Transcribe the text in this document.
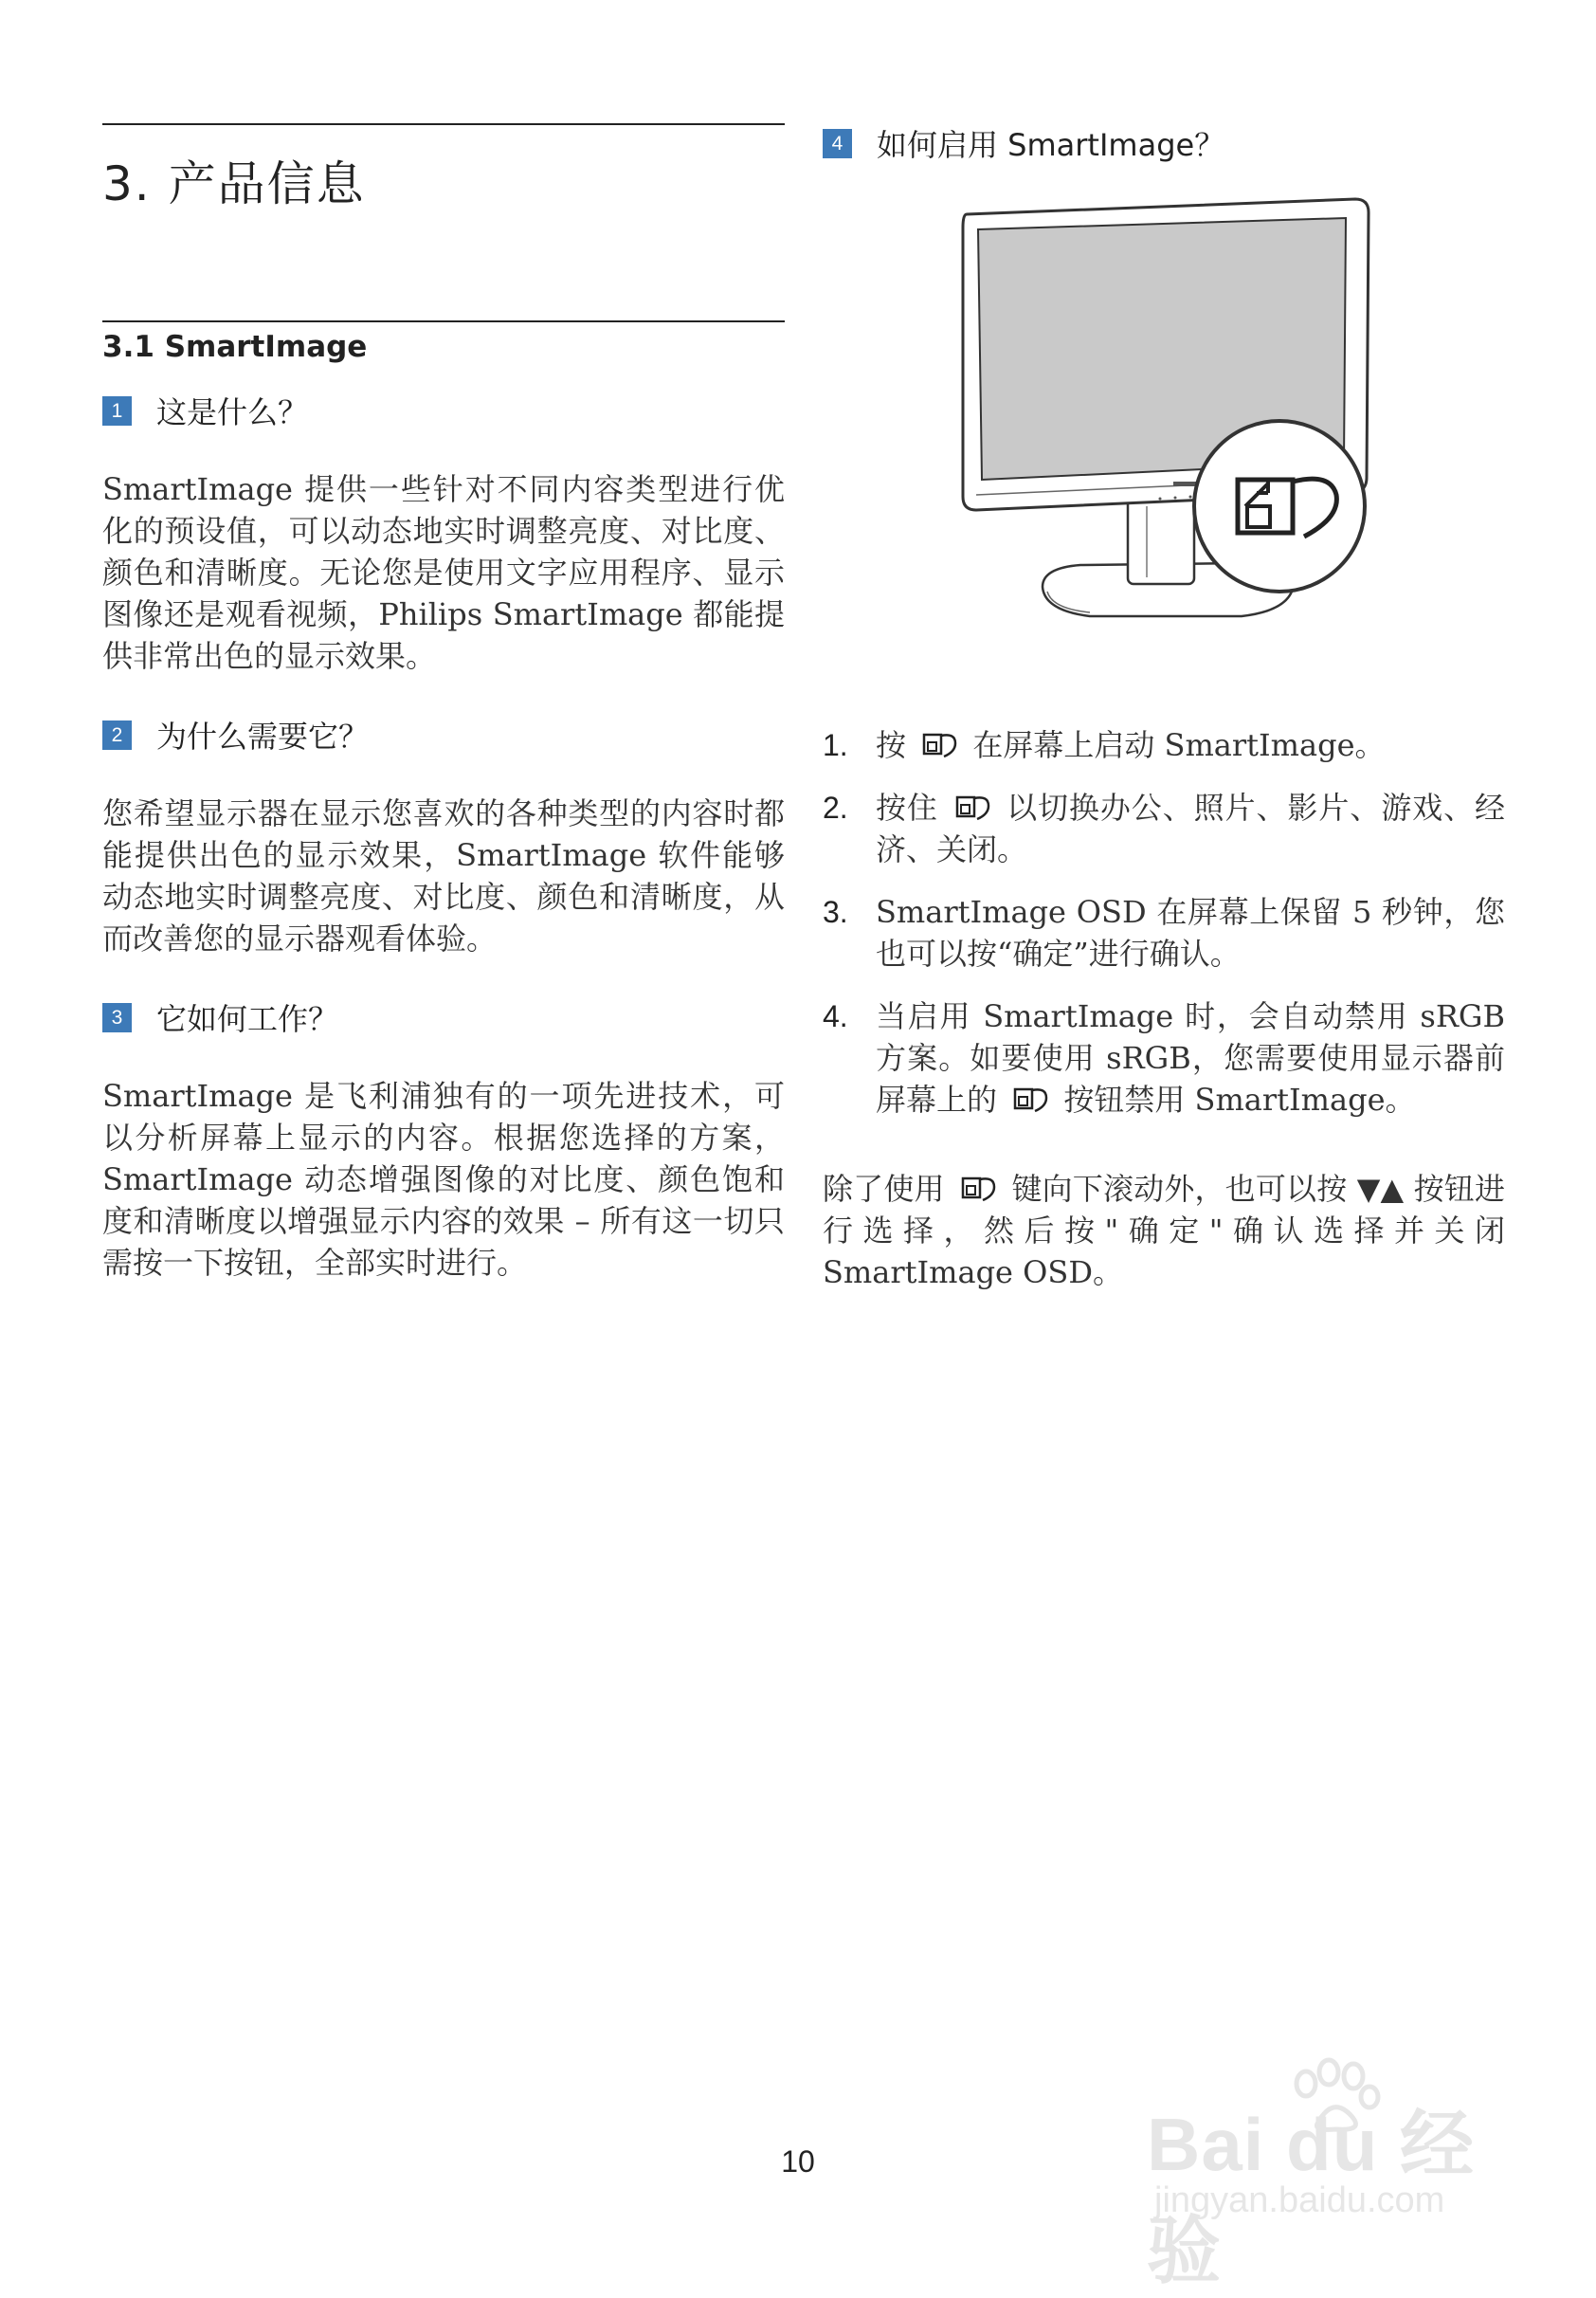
3. 产品信息
3.1 SmartImage
1	这是什么？

SmartImage 提供一些针对不同内容类型进行优化的预设值，可以动态地实时调整亮度、对比度、颜色和清晰度。无论您是使用文字应用程序、显示图像还是观看视频，Philips SmartImage 都能提供非常出色的显示效果。

2	为什么需要它？

您希望显示器在显示您喜欢的各种类型的内容时都能提供出色的显示效果，SmartImage 软件能够动态地实时调整亮度、对比度、颜色和清晰度，从而改善您的显示器观看体验。

3	它如何工作？

SmartImage 是飞利浦独有的一项先进技术，可以分析屏幕上显示的内容。根据您选择的方案，SmartImage 动态增强图像的对比度、颜色饱和度和清晰度以增强显示内容的效果 – 所有这一切只需按一下按钮，全部实时进行。

4	如何启用 SmartImage？
1. 按 在屏幕上启动 SmartImage。
2. 按住 以切换办公、照片、影片、游戏、经济、关闭。
3. SmartImage OSD 在屏幕上保留 5 秒钟，您也可以按“确定”进行确认。
4. 当启用 SmartImage 时，会自动禁用 sRGB 方案。如要使用 sRGB，您需要使用显示器前屏幕上的 按钮禁用 SmartImage。
除了使用 键向下滚动外，也可以按 ▼▲ 按钮进行选择，然后按"确定"确认选择并关闭 SmartImage OSD。
10	Bai du 经验
jingyan.baidu.com
